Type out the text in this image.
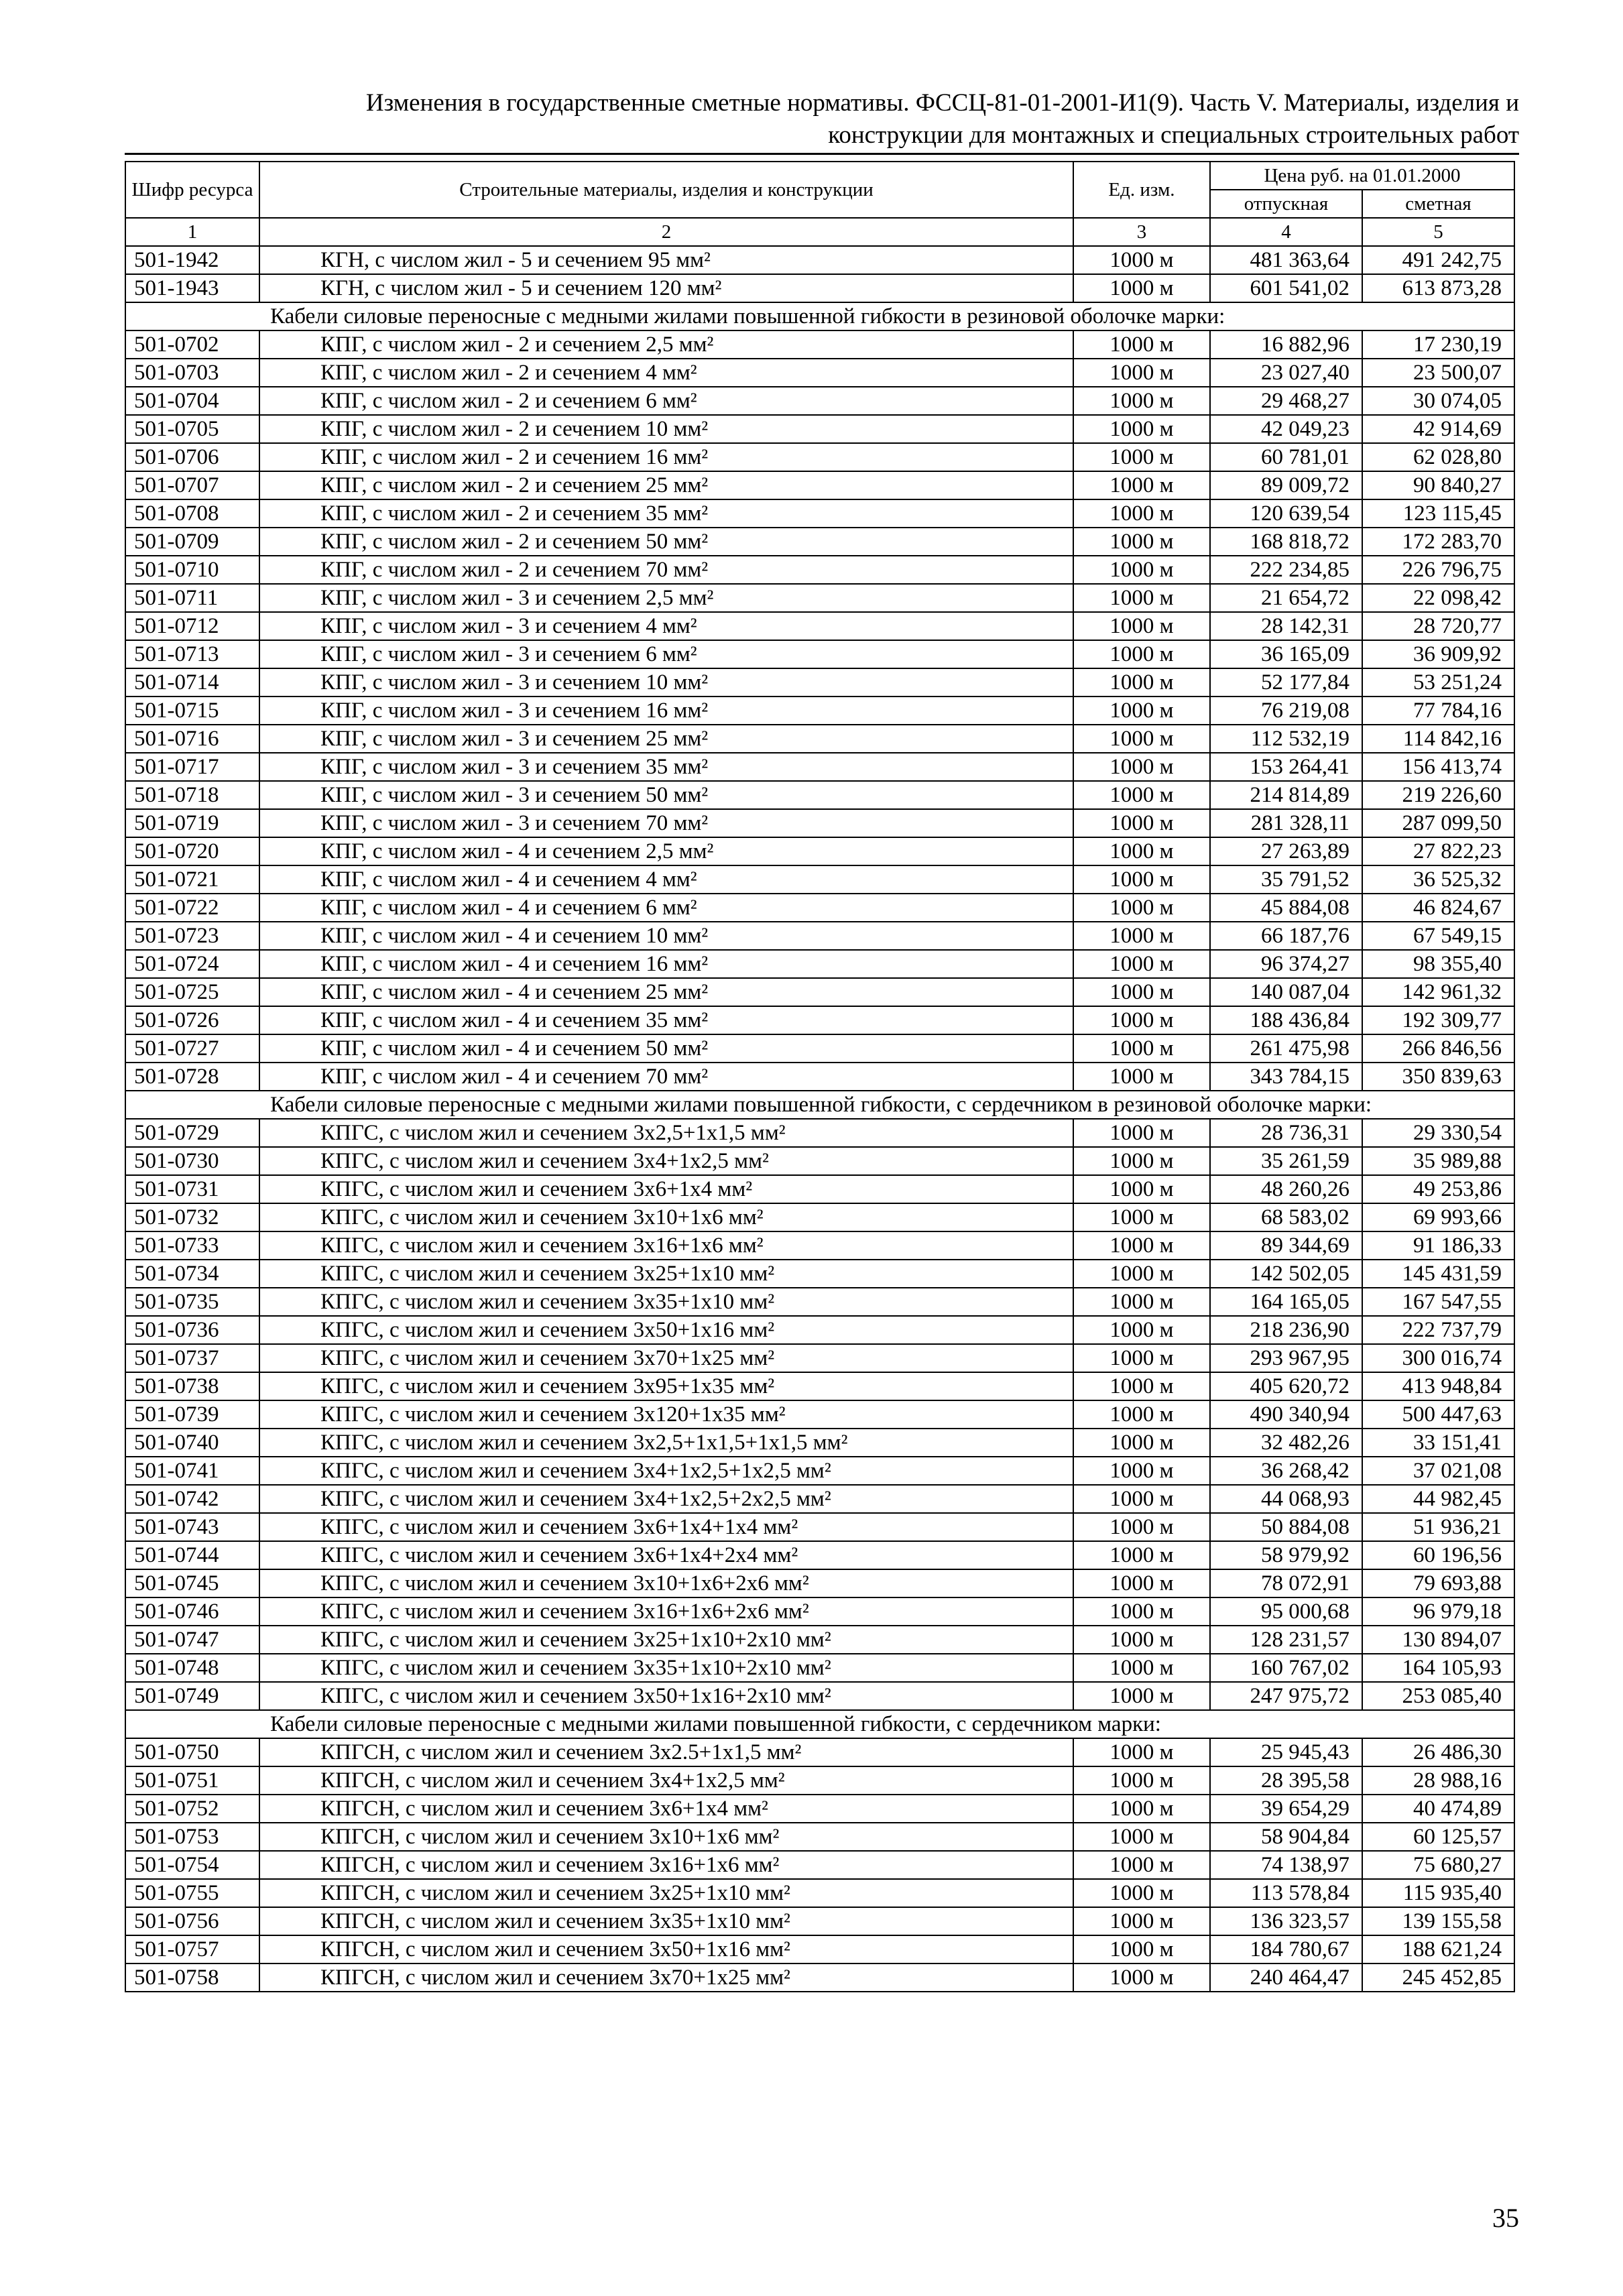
Изменения в государственные сметные нормативы. ФССЦ-81-01-2001-И1(9). Часть V. Материалы, изделия и
конструкции для монтажных и специальных строительных работ
Шифр ресурса	Строительные материалы, изделия и конструкции	Ед. изм.	Цена руб. на 01.01.2000	
			отпускная	сметная
1	2	3	4	5
501-1942	КГН, с числом жил - 5 и сечением 95 мм²	1000 м	481 363,64	491 242,75
501-1943	КГН, с числом жил - 5 и сечением 120 мм²	1000 м	601 541,02	613 873,28
Кабели силовые переносные с медными жилами повышенной гибкости в резиновой оболочке марки:				
501-0702	КПГ, с числом жил - 2 и сечением 2,5 мм²	1000 м	16 882,96	17 230,19
501-0703	КПГ, с числом жил - 2 и сечением 4 мм²	1000 м	23 027,40	23 500,07
501-0704	КПГ, с числом жил - 2 и сечением 6 мм²	1000 м	29 468,27	30 074,05
501-0705	КПГ, с числом жил - 2 и сечением 10 мм²	1000 м	42 049,23	42 914,69
501-0706	КПГ, с числом жил - 2 и сечением 16 мм²	1000 м	60 781,01	62 028,80
501-0707	КПГ, с числом жил - 2 и сечением 25 мм²	1000 м	89 009,72	90 840,27
501-0708	КПГ, с числом жил - 2 и сечением 35 мм²	1000 м	120 639,54	123 115,45
501-0709	КПГ, с числом жил - 2 и сечением 50 мм²	1000 м	168 818,72	172 283,70
501-0710	КПГ, с числом жил - 2 и сечением 70 мм²	1000 м	222 234,85	226 796,75
501-0711	КПГ, с числом жил - 3 и сечением 2,5 мм²	1000 м	21 654,72	22 098,42
501-0712	КПГ, с числом жил - 3 и сечением 4 мм²	1000 м	28 142,31	28 720,77
501-0713	КПГ, с числом жил - 3 и сечением 6 мм²	1000 м	36 165,09	36 909,92
501-0714	КПГ, с числом жил - 3 и сечением 10 мм²	1000 м	52 177,84	53 251,24
501-0715	КПГ, с числом жил - 3 и сечением 16 мм²	1000 м	76 219,08	77 784,16
501-0716	КПГ, с числом жил - 3 и сечением 25 мм²	1000 м	112 532,19	114 842,16
501-0717	КПГ, с числом жил - 3 и сечением 35 мм²	1000 м	153 264,41	156 413,74
501-0718	КПГ, с числом жил - 3 и сечением 50 мм²	1000 м	214 814,89	219 226,60
501-0719	КПГ, с числом жил - 3 и сечением 70 мм²	1000 м	281 328,11	287 099,50
501-0720	КПГ, с числом жил - 4 и сечением 2,5 мм²	1000 м	27 263,89	27 822,23
501-0721	КПГ, с числом жил - 4 и сечением 4 мм²	1000 м	35 791,52	36 525,32
501-0722	КПГ, с числом жил - 4 и сечением 6 мм²	1000 м	45 884,08	46 824,67
501-0723	КПГ, с числом жил - 4 и сечением 10 мм²	1000 м	66 187,76	67 549,15
501-0724	КПГ, с числом жил - 4 и сечением 16 мм²	1000 м	96 374,27	98 355,40
501-0725	КПГ, с числом жил - 4 и сечением 25 мм²	1000 м	140 087,04	142 961,32
501-0726	КПГ, с числом жил - 4 и сечением 35 мм²	1000 м	188 436,84	192 309,77
501-0727	КПГ, с числом жил - 4 и сечением 50 мм²	1000 м	261 475,98	266 846,56
501-0728	КПГ, с числом жил - 4 и сечением 70 мм²	1000 м	343 784,15	350 839,63
Кабели силовые переносные с медными жилами повышенной гибкости, с сердечником в резиновой оболочке марки:				
501-0729	КПГС, с числом жил и сечением 3х2,5+1х1,5 мм²	1000 м	28 736,31	29 330,54
501-0730	КПГС, с числом жил и сечением 3х4+1х2,5 мм²	1000 м	35 261,59	35 989,88
501-0731	КПГС, с числом жил и сечением 3х6+1х4 мм²	1000 м	48 260,26	49 253,86
501-0732	КПГС, с числом жил и сечением 3х10+1х6 мм²	1000 м	68 583,02	69 993,66
501-0733	КПГС, с числом жил и сечением 3х16+1х6 мм²	1000 м	89 344,69	91 186,33
501-0734	КПГС, с числом жил и сечением 3х25+1х10 мм²	1000 м	142 502,05	145 431,59
501-0735	КПГС, с числом жил и сечением 3х35+1х10 мм²	1000 м	164 165,05	167 547,55
501-0736	КПГС, с числом жил и сечением 3х50+1х16 мм²	1000 м	218 236,90	222 737,79
501-0737	КПГС, с числом жил и сечением 3х70+1х25 мм²	1000 м	293 967,95	300 016,74
501-0738	КПГС, с числом жил и сечением 3х95+1х35 мм²	1000 м	405 620,72	413 948,84
501-0739	КПГС, с числом жил и сечением 3х120+1х35 мм²	1000 м	490 340,94	500 447,63
501-0740	КПГС, с числом жил и сечением 3х2,5+1х1,5+1х1,5 мм²	1000 м	32 482,26	33 151,41
501-0741	КПГС, с числом жил и сечением 3х4+1х2,5+1х2,5 мм²	1000 м	36 268,42	37 021,08
501-0742	КПГС, с числом жил и сечением 3х4+1х2,5+2х2,5 мм²	1000 м	44 068,93	44 982,45
501-0743	КПГС, с числом жил и сечением 3х6+1х4+1х4 мм²	1000 м	50 884,08	51 936,21
501-0744	КПГС, с числом жил и сечением 3х6+1х4+2х4 мм²	1000 м	58 979,92	60 196,56
501-0745	КПГС, с числом жил и сечением 3х10+1х6+2х6 мм²	1000 м	78 072,91	79 693,88
501-0746	КПГС, с числом жил и сечением 3х16+1х6+2х6 мм²	1000 м	95 000,68	96 979,18
501-0747	КПГС, с числом жил и сечением 3х25+1х10+2х10 мм²	1000 м	128 231,57	130 894,07
501-0748	КПГС, с числом жил и сечением 3х35+1х10+2х10 мм²	1000 м	160 767,02	164 105,93
501-0749	КПГС, с числом жил и сечением 3х50+1х16+2х10 мм²	1000 м	247 975,72	253 085,40
Кабели силовые переносные с медными жилами повышенной гибкости, с сердечником марки:				
501-0750	КПГСН, с числом жил и сечением 3х2.5+1х1,5 мм²	1000 м	25 945,43	26 486,30
501-0751	КПГСН, с числом жил и сечением 3х4+1х2,5 мм²	1000 м	28 395,58	28 988,16
501-0752	КПГСН, с числом жил и сечением 3х6+1х4 мм²	1000 м	39 654,29	40 474,89
501-0753	КПГСН, с числом жил и сечением 3х10+1х6 мм²	1000 м	58 904,84	60 125,57
501-0754	КПГСН, с числом жил и сечением 3х16+1х6 мм²	1000 м	74 138,97	75 680,27
501-0755	КПГСН, с числом жил и сечением 3х25+1х10 мм²	1000 м	113 578,84	115 935,40
501-0756	КПГСН, с числом жил и сечением 3х35+1х10 мм²	1000 м	136 323,57	139 155,58
501-0757	КПГСН, с числом жил и сечением 3х50+1х16 мм²	1000 м	184 780,67	188 621,24
501-0758	КПГСН, с числом жил и сечением 3х70+1х25 мм²	1000 м	240 464,47	245 452,85
35
